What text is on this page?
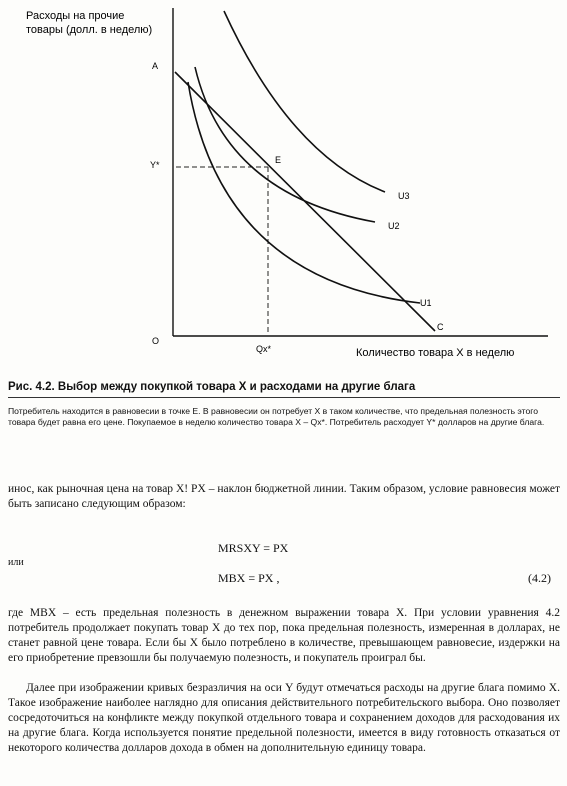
Расходы на прочие
товары (долл. в неделю)
A
Y*
O
Qx*	Количество товара X в неделю
E
C
U1
U2
U3
Рис. 4.2. Выбор между покупкой товара X и расходами на другие блага
Потребитель находится в равновесии в точке E. В равновесии он потребует X в таком количестве, что предельная полезность этого товара будет равна его цене. Покупаемое в неделю количество товара X – Qx*. Потребитель расходует Y* долларов на другие блага.
инос, как рыночная цена на товар X! PX – наклон бюджетной линии. Таким образом, условие равновесия может быть записано следующим образом:
MRSXY = PX
или
MBX = PX ,	(4.2)
где MBX – есть предельная полезность в денежном выражении товара X. При условии уравнения 4.2 потребитель продолжает покупать товар X до тех пор, пока предельная полезность, измеренная в долларах, не станет равной цене товара. Если бы X было потреблено в количестве, превышающем равновесие, издержки на его приобретение превзошли бы получаемую полезность, и покупатель проиграл бы.
Далее при изображении кривых безразличия на оси Y будут отмечаться расходы на другие блага помимо X. Такое изображение наиболее наглядно для описания действительного потребительского выбора. Оно позволяет сосредоточиться на конфликте между покупкой отдельного товара и сохранением доходов для расходования их на другие блага. Когда используется понятие предельной полезности, имеется в виду готовность отказаться от некоторого количества долларов дохода в обмен на дополнительную единицу товара.
